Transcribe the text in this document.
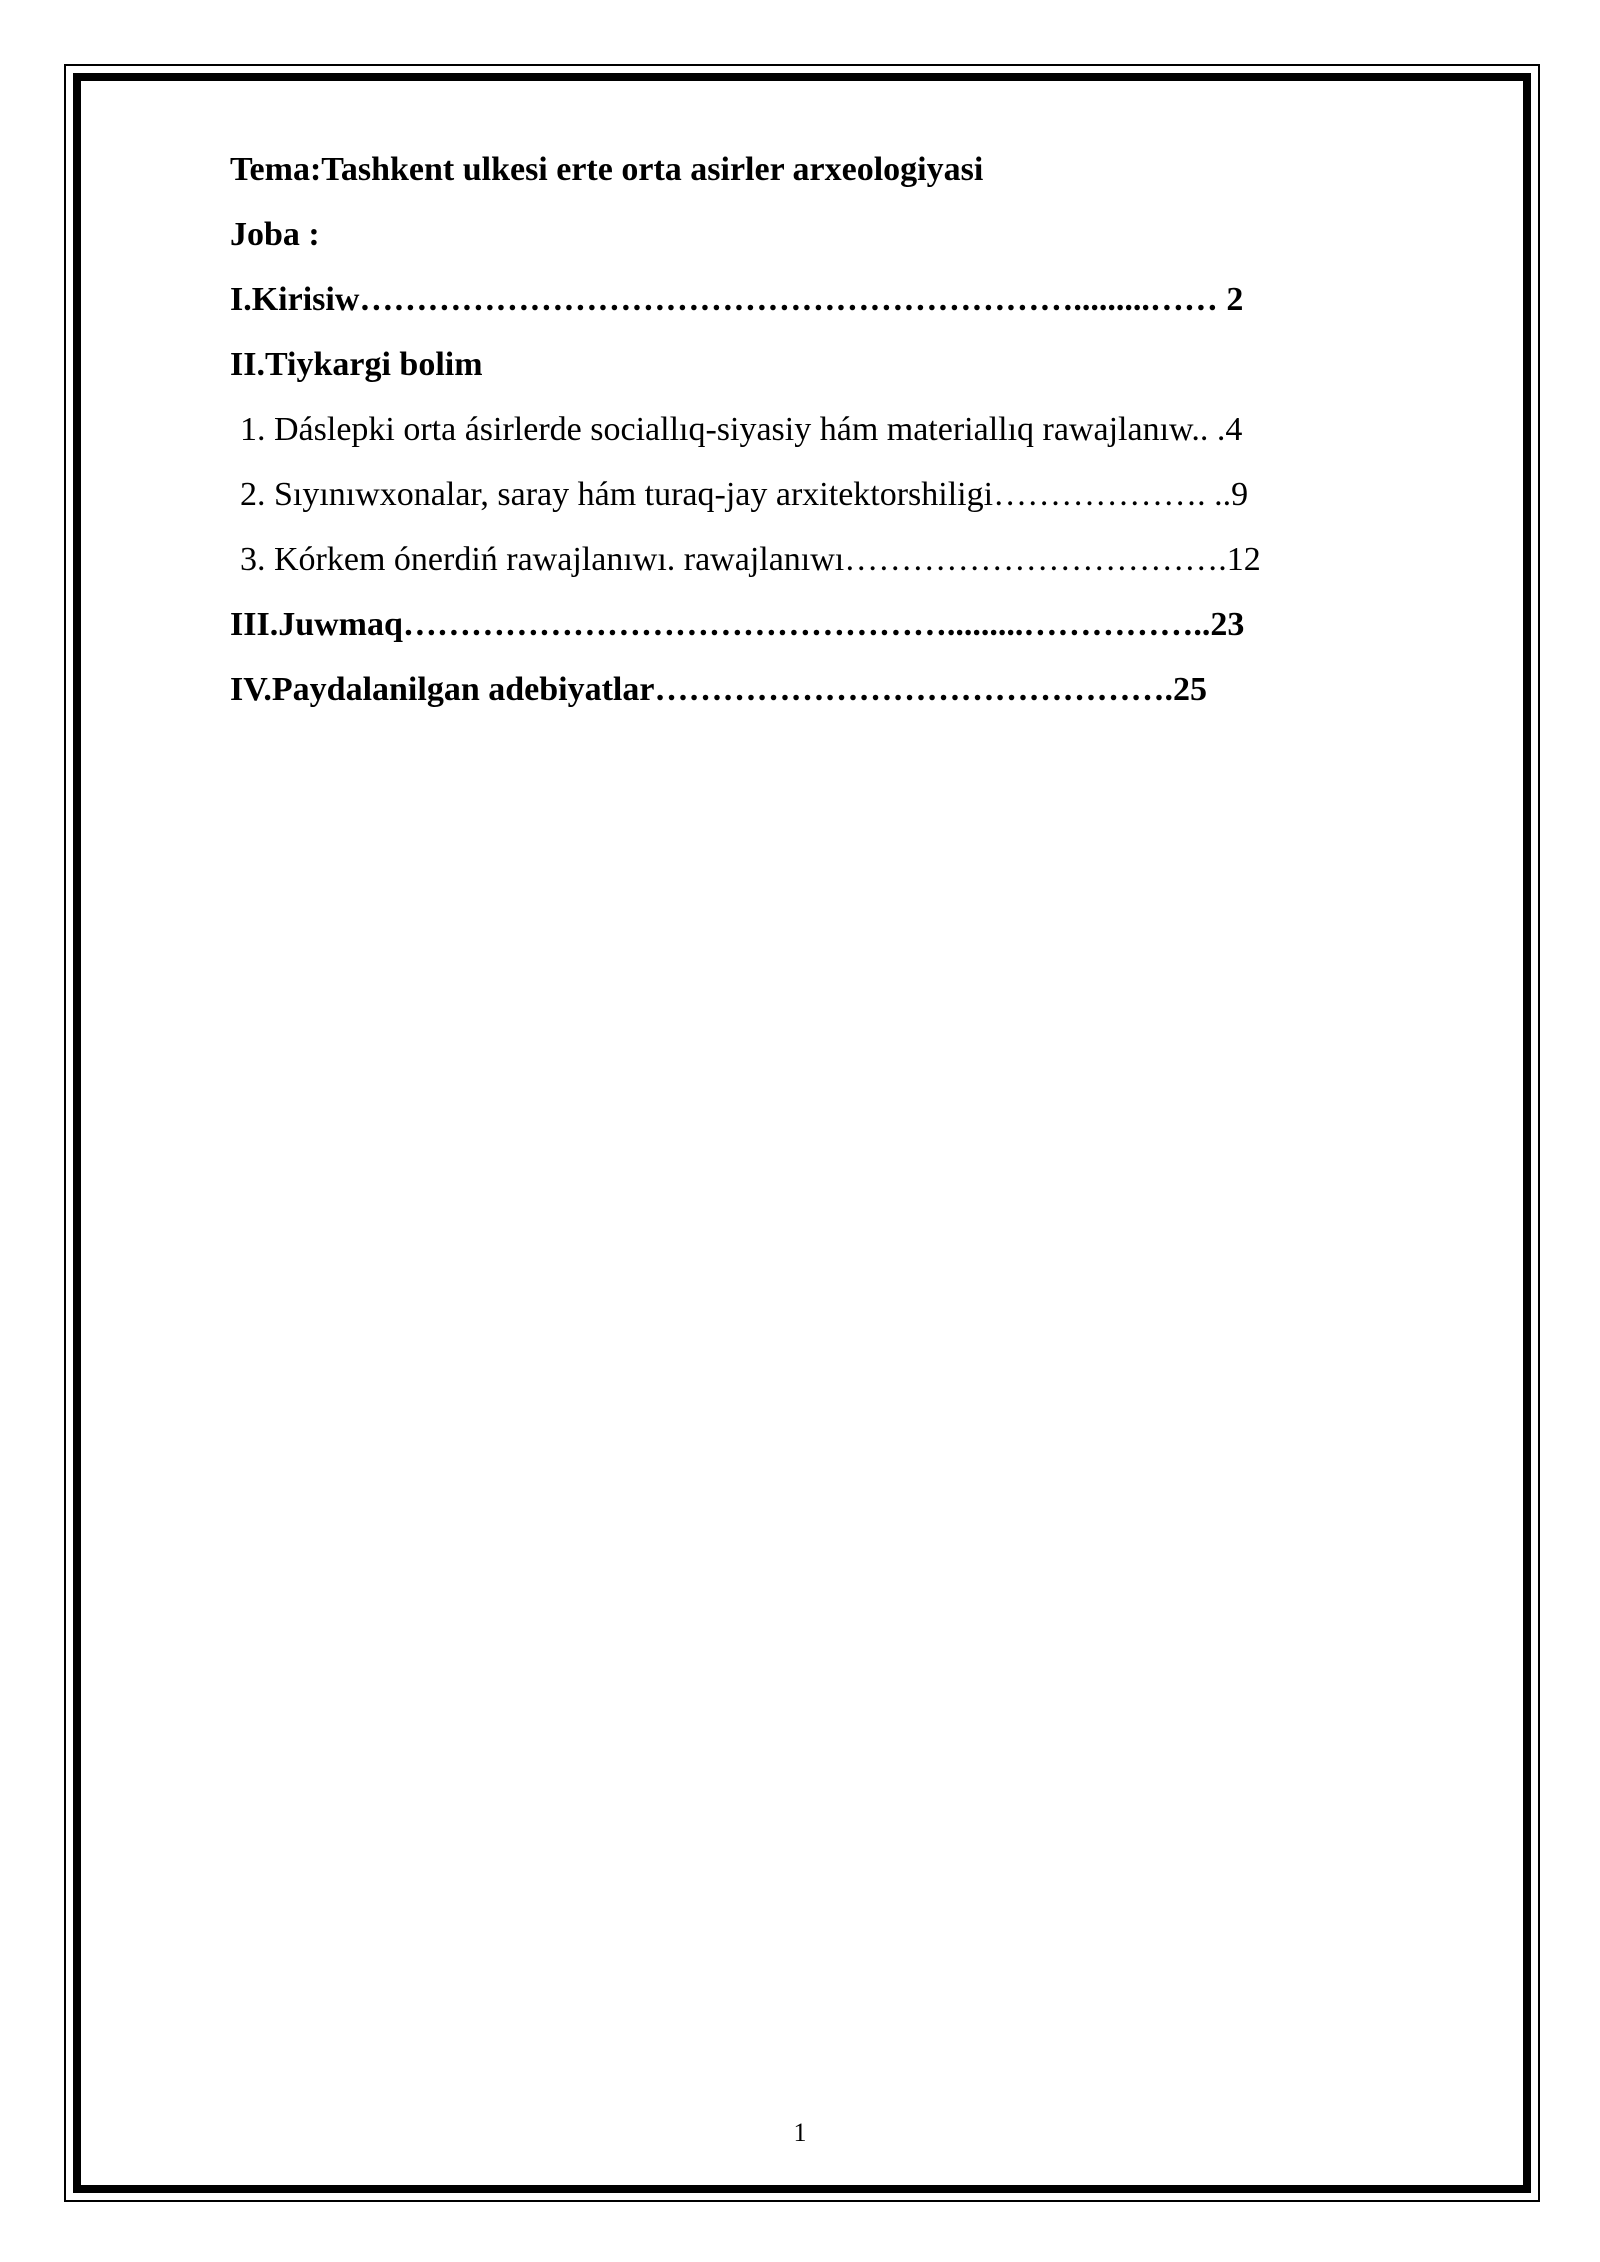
Tema:Tashkent ulkesi erte orta asirler arxeologiyasi
Joba :
I.Kirisiw……………………………………………………….........…… 2
II.Tiykargi bolim
1. Dáslepki orta ásirlerde sociallıq-siyasiy hám materiallıq rawajlanıw.. .4
2. Sıyınıwxonalar, saray hám turaq-jay arxitektorshiligi………………. ..9
3. Kórkem ónerdiń rawajlanıwı. rawajlanıwı…………………………….12
III.Juwmaq………………………………………….........……………..23
IV.Paydalanilgan adebiyatlar……………………………………….25
1
